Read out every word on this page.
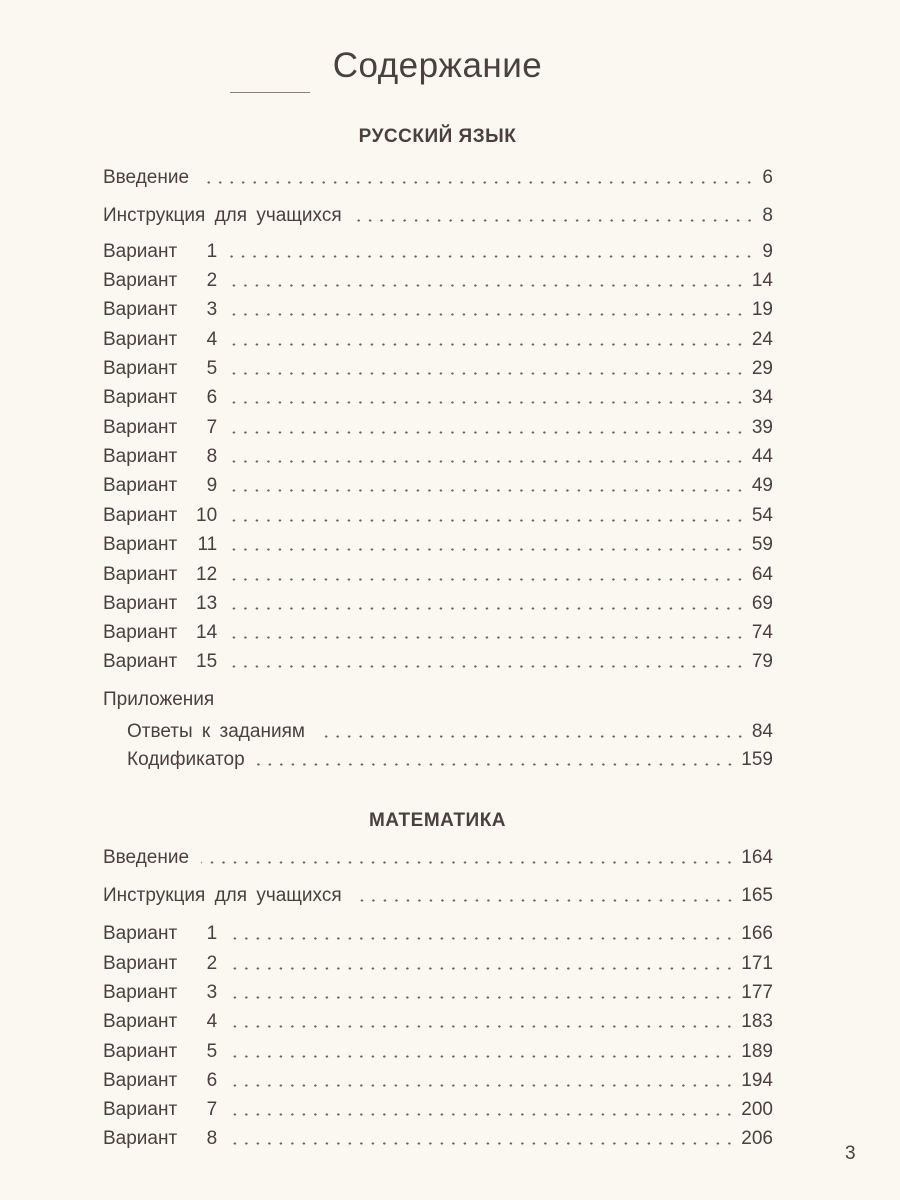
Содержание
РУССКИЙ ЯЗЫК
Введение	6
Инструкция для учащихся	8
Вариант	1	9
Вариант	2	14
Вариант	3	19
Вариант	4	24
Вариант	5	29
Вариант	6	34
Вариант	7	39
Вариант	8	44
Вариант	9	49
Вариант 10	54
Вариант	11	59
Вариант 12	64
Вариант 13	69
Вариант 14	74
Вариант 15	79
Приложения
Ответы к заданиям	84
Кодификатор	159
МАТЕМАТИКА
Введение	164
Инструкция для учащихся	165
Вариант	1	166
Вариант	2	171
Вариант	3	177
Вариант	4	183
Вариант	5	189
Вариант	6	194
Вариант	7	200
Вариант	8	206
3
